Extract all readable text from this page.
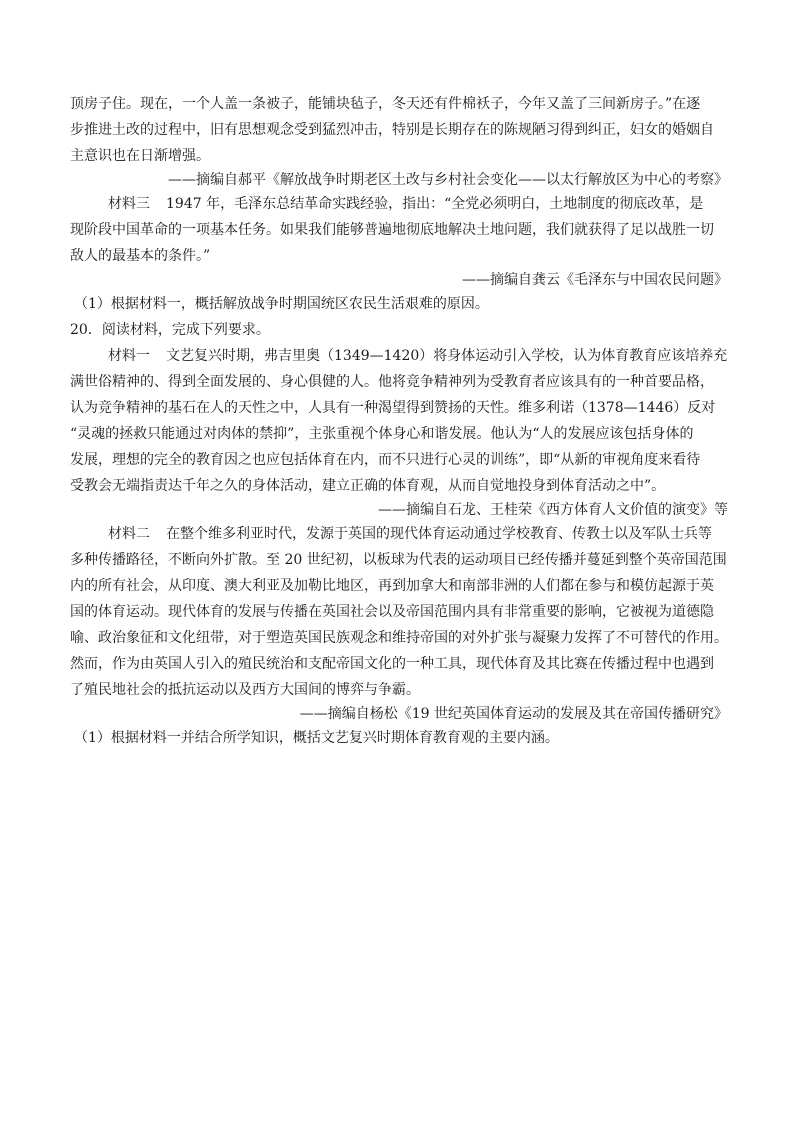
顶房子住。现在，一个人盖一条被子，能铺块毡子，冬天还有件棉袄子，今年又盖了三间新房子。”在逐
步推进土改的过程中，旧有思想观念受到猛烈冲击，特别是长期存在的陈规陋习得到纠正，妇女的婚姻自
主意识也在日渐增强。
——摘编自郝平《解放战争时期老区土改与乡村社会变化——以太行解放区为中心的考察》
材料三 1947 年，毛泽东总结革命实践经验，指出：“全党必须明白，土地制度的彻底改革，是
现阶段中国革命的一项基本任务。如果我们能够普遍地彻底地解决土地问题，我们就获得了足以战胜一切
敌人的最基本的条件。”
——摘编自龚云《毛泽东与中国农民问题》
（1）根据材料一，概括解放战争时期国统区农民生活艰难的原因。
20．阅读材料，完成下列要求。
材料一 文艺复兴时期，弗吉里奥（1349—1420）将身体运动引入学校，认为体育教育应该培养充
满世俗精神的、得到全面发展的、身心俱健的人。他将竞争精神列为受教育者应该具有的一种首要品格，
认为竞争精神的基石在人的天性之中，人具有一种渴望得到赞扬的天性。维多利诺（1378—1446）反对
“灵魂的拯救只能通过对肉体的禁抑”，主张重视个体身心和谐发展。他认为“人的发展应该包括身体的
发展，理想的完全的教育因之也应包括体育在内，而不只进行心灵的训练”，即“从新的审视角度来看待
受教会无端指责达千年之久的身体活动，建立正确的体育观，从而自觉地投身到体育活动之中”。
——摘编自石龙、王桂荣《西方体育人文价值的演变》等
材料二 在整个维多利亚时代，发源于英国的现代体育运动通过学校教育、传教士以及军队士兵等
多种传播路径，不断向外扩散。至 20 世纪初，以板球为代表的运动项目已经传播并蔓延到整个英帝国范围
内的所有社会，从印度、澳大利亚及加勒比地区，再到加拿大和南部非洲的人们都在参与和模仿起源于英
国的体育运动。现代体育的发展与传播在英国社会以及帝国范围内具有非常重要的影响，它被视为道德隐
喻、政治象征和文化纽带，对于塑造英国民族观念和维持帝国的对外扩张与凝聚力发挥了不可替代的作用。
然而，作为由英国人引入的殖民统治和支配帝国文化的一种工具，现代体育及其比赛在传播过程中也遇到
了殖民地社会的抵抗运动以及西方大国间的博弈与争霸。
——摘编自杨松《19 世纪英国体育运动的发展及其在帝国传播研究》
（1）根据材料一并结合所学知识，概括文艺复兴时期体育教育观的主要内涵。
